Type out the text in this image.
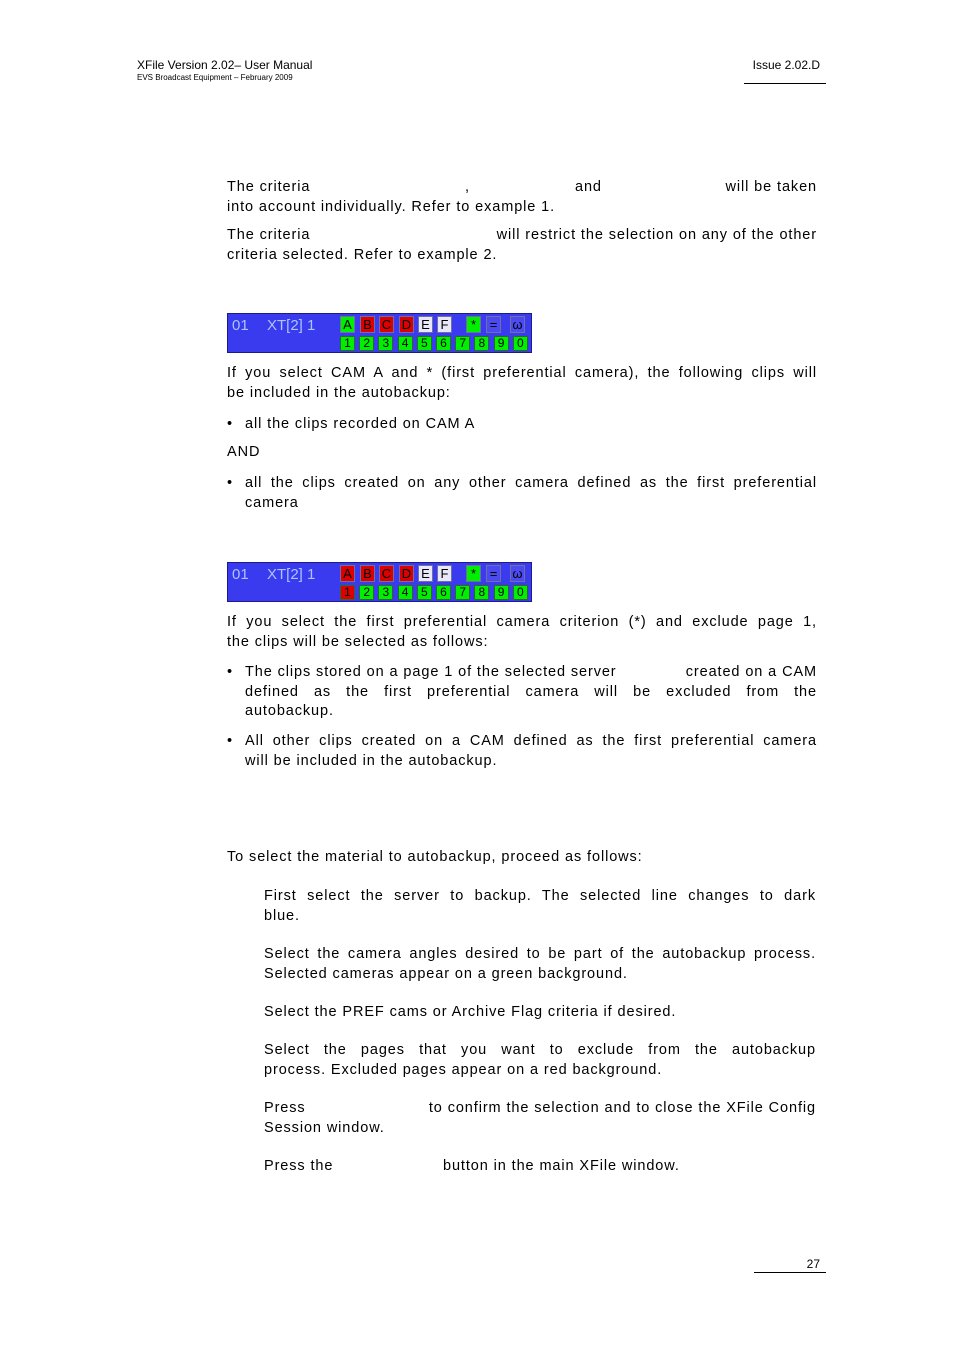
XFile Version 2.02– User Manual
EVS Broadcast Equipment – February 2009
Issue 2.02.D
The criteria	,	and	will be taken
into account individually. Refer to example 1.
The criteria	will restrict the selection on any of the other
criteria selected. Refer to example 2.
01 XT[2] 1 A B C D E F	*	= ω
1	2	3	4	5	6	7	8	9	0
If you select CAM A and * (first preferential camera), the following clips will
be included in the autobackup:
• all the clips recorded on CAM A
AND
• all the clips created on any other camera defined as the first preferential
camera
01 XT[2] 1 A B C D E F	*	= ω
1	2	3	4	5	6	7	8	9	0
If you select the first preferential camera criterion (*) and exclude page 1,
the clips will be selected as follows:
• The clips stored on a page 1 of the selected server	created on a CAM
defined as the first preferential camera will be excluded from the
autobackup.
• All other clips created on a CAM defined as the first preferential camera
will be included in the autobackup.
To select the material to autobackup, proceed as follows:
First select the server to backup. The selected line changes to dark
blue.
Select the camera angles desired to be part of the autobackup process.
Selected cameras appear on a green background.
Select the PREF cams or Archive Flag criteria if desired.
Select the pages that you want to exclude from the autobackup
process. Excluded pages appear on a red background.
Press	to confirm the selection and to close the XFile Config
Session window.
Press the	button in the main XFile window.
27
